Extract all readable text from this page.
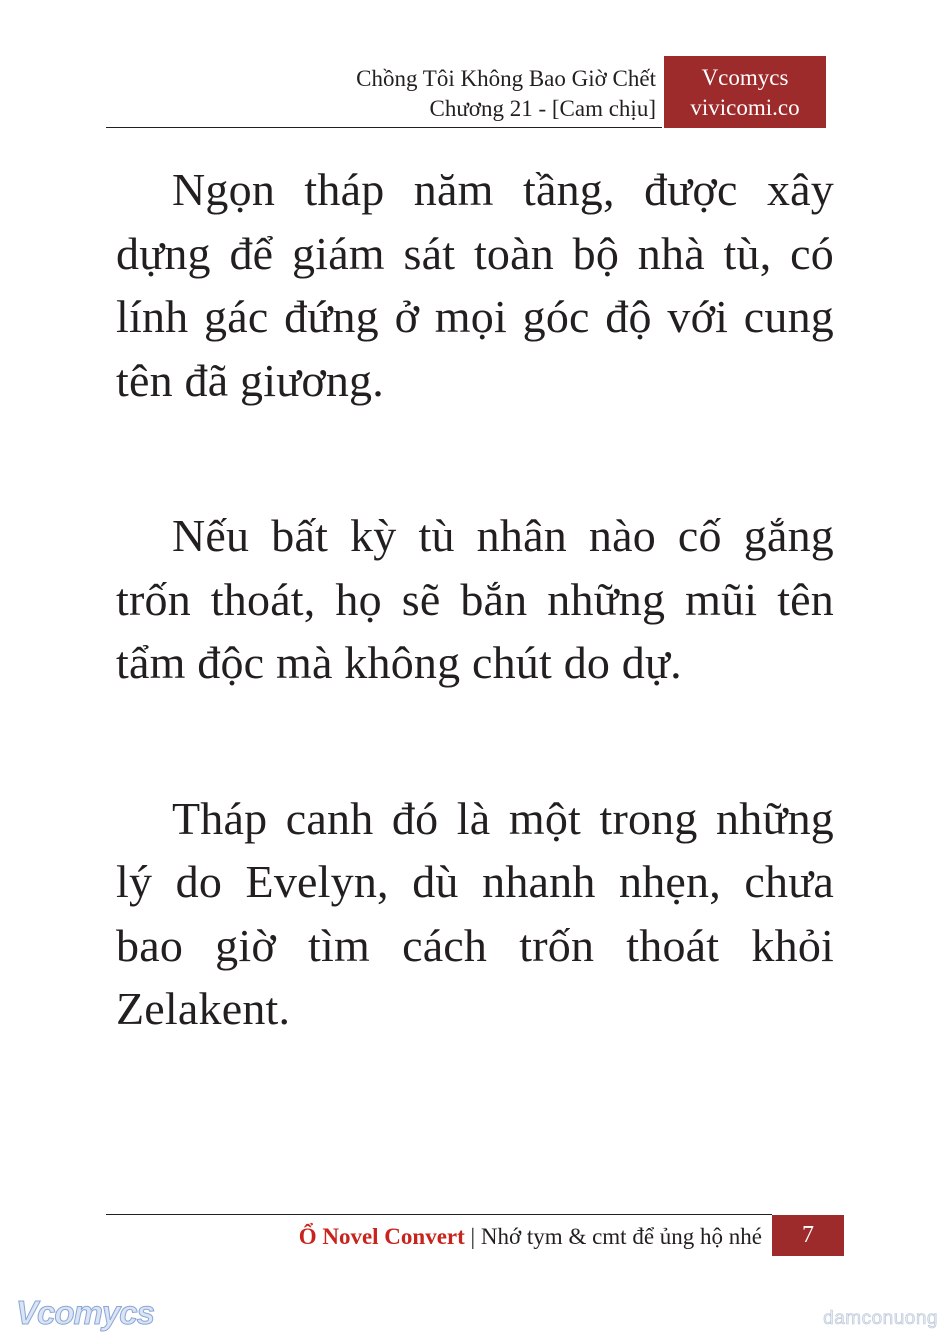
Chồng Tôi Không Bao Giờ Chết
Chương 21 - [Cam chịu]
Vcomycs
vivicomi.co

Ngọn tháp năm tầng, được xây dựng để giám sát toàn bộ nhà tù, có lính gác đứng ở mọi góc độ với cung tên đã giương.

Nếu bất kỳ tù nhân nào cố gắng trốn thoát, họ sẽ bắn những mũi tên tẩm độc mà không chút do dự.

Tháp canh đó là một trong những lý do Evelyn, dù nhanh nhẹn, chưa bao giờ tìm cách trốn thoát khỏi Zelakent.

Ổ Novel Convert | Nhớ tym & cmt để ủng hộ nhé	7
Vcomycs	damconuong
